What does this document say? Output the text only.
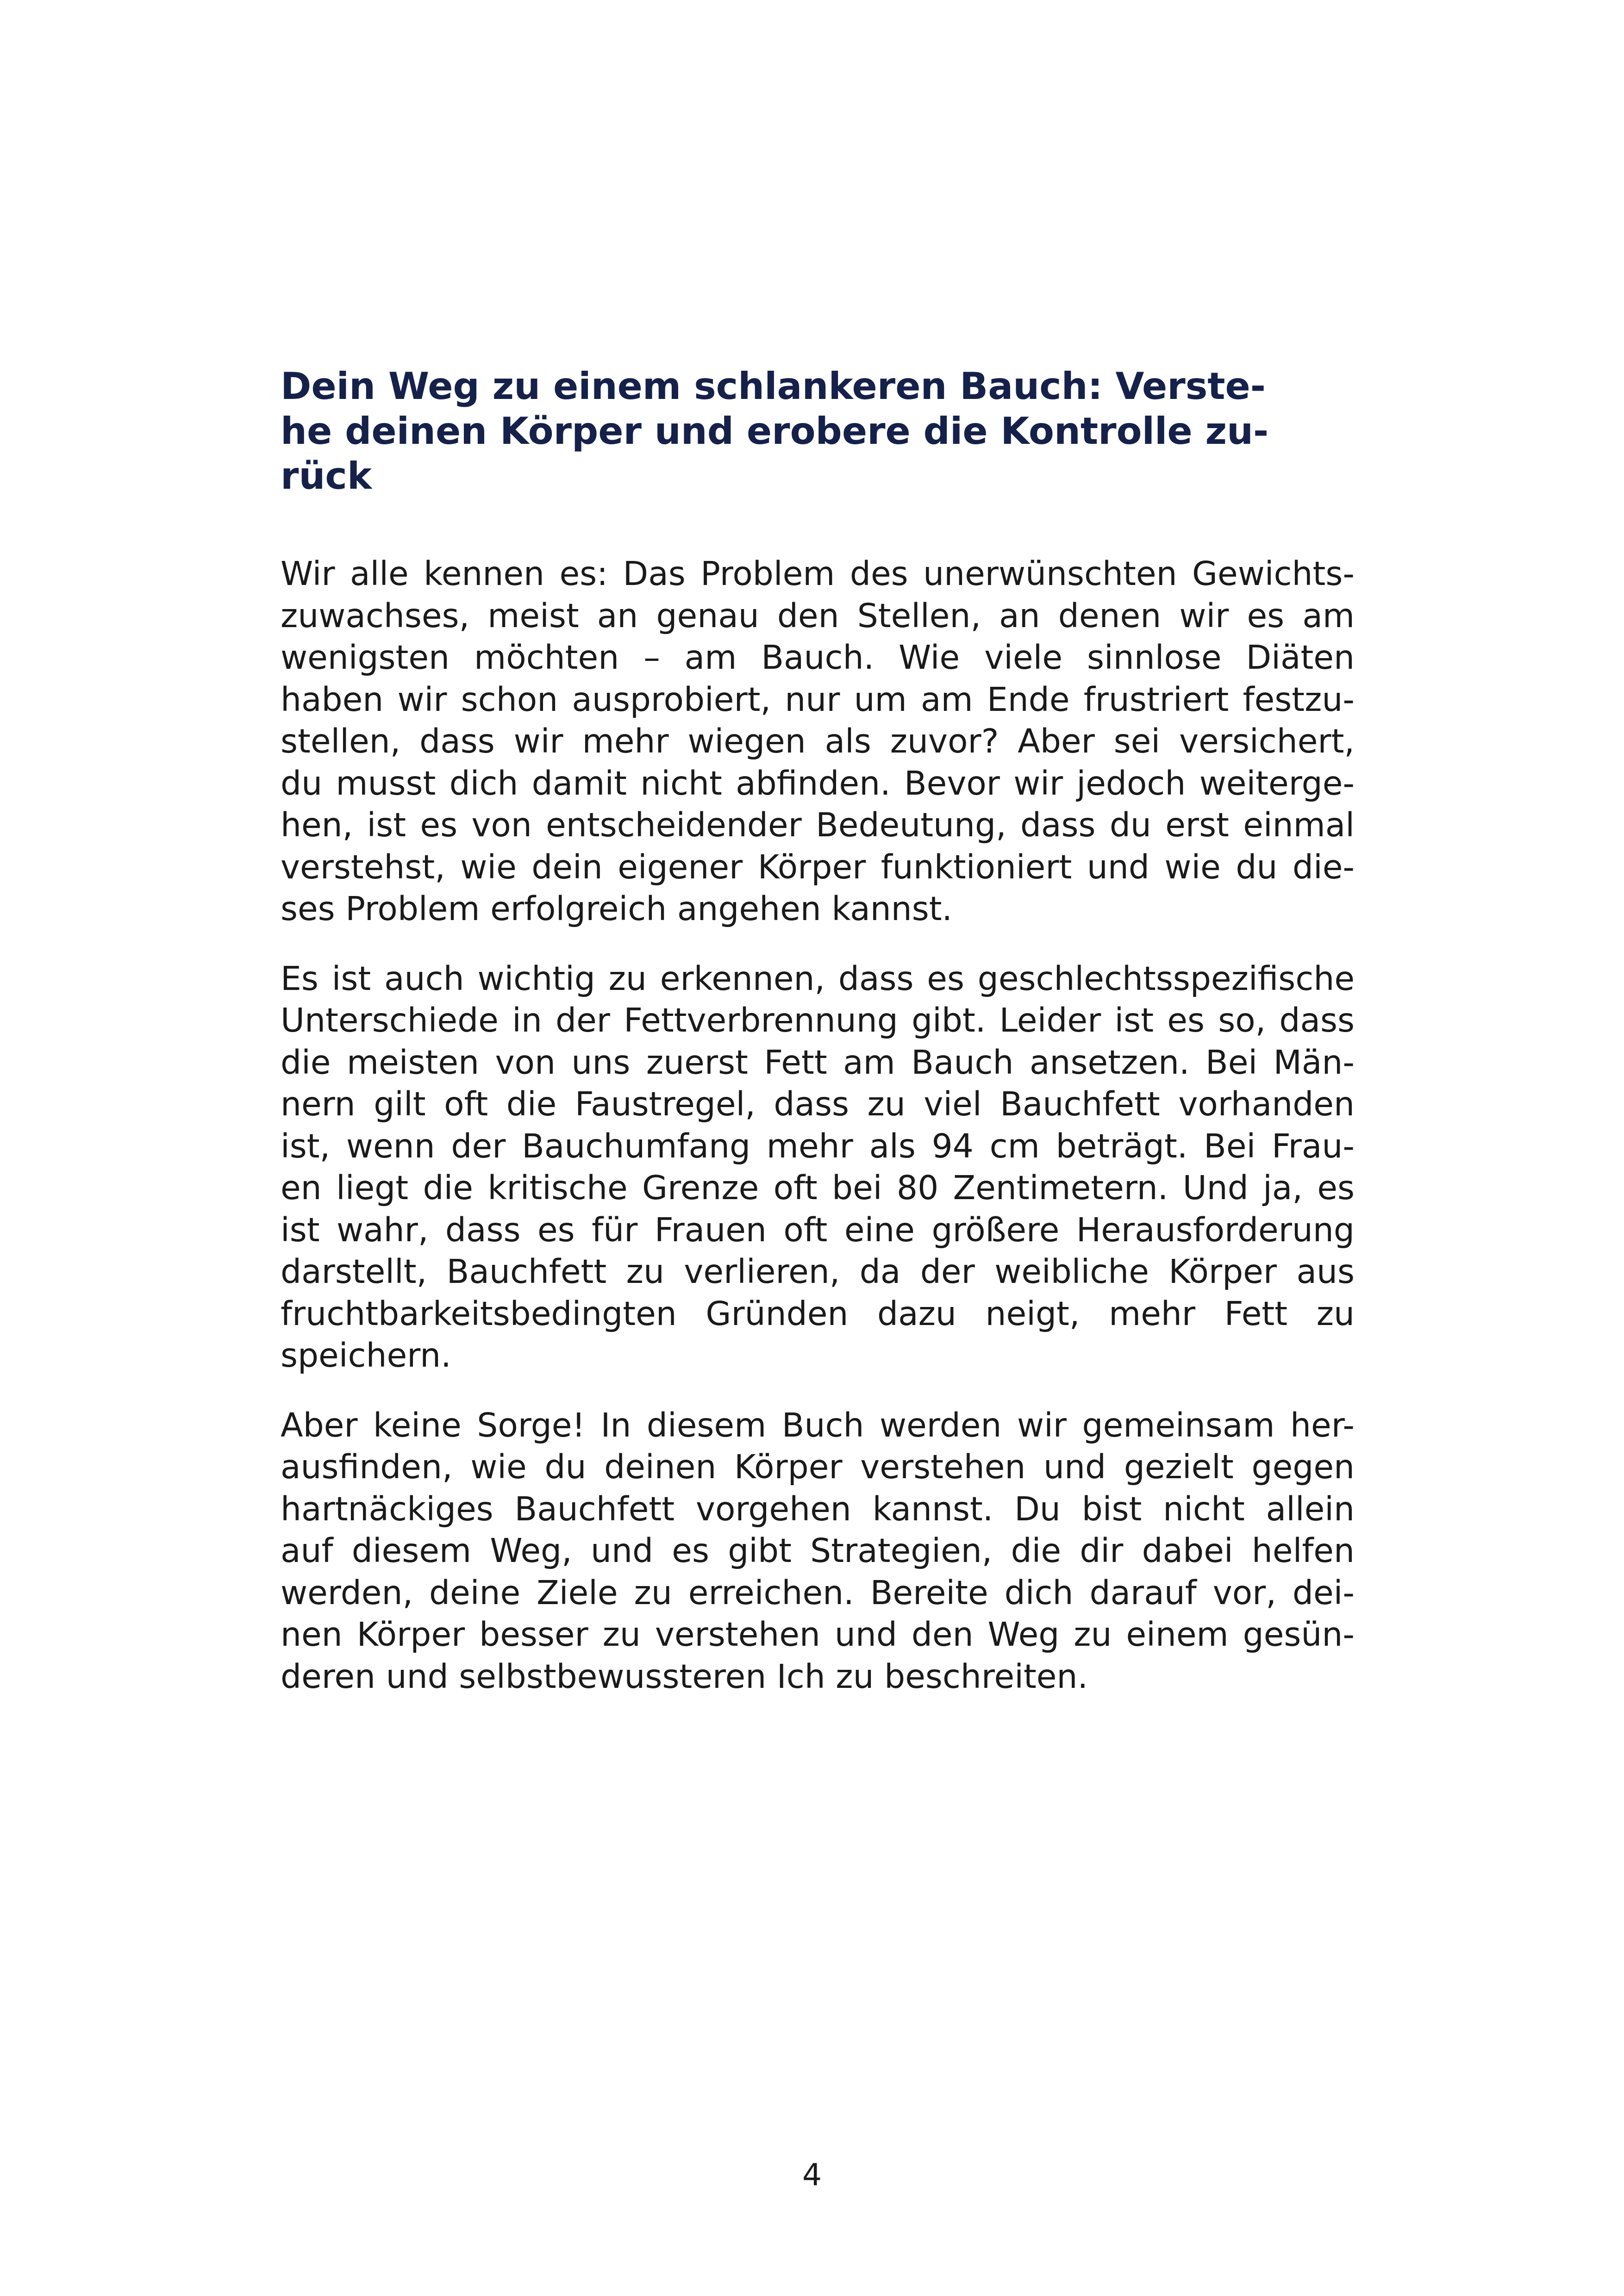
Dein Weg zu einem schlankeren Bauch: Verste-
he deinen Körper und erobere die Kontrolle zu-
rück

Wir alle kennen es: Das Problem des unerwünschten Gewichts-
zuwachses, meist an genau den Stellen, an denen wir es am
wenigsten möchten – am Bauch. Wie viele sinnlose Diäten
haben wir schon ausprobiert, nur um am Ende frustriert festzu-
stellen, dass wir mehr wiegen als zuvor? Aber sei versichert,
du musst dich damit nicht abfinden. Bevor wir jedoch weiterge-
hen, ist es von entscheidender Bedeutung, dass du erst einmal
verstehst, wie dein eigener Körper funktioniert und wie du die-
ses Problem erfolgreich angehen kannst.

Es ist auch wichtig zu erkennen, dass es geschlechtsspezifische
Unterschiede in der Fettverbrennung gibt. Leider ist es so, dass
die meisten von uns zuerst Fett am Bauch ansetzen. Bei Män-
nern gilt oft die Faustregel, dass zu viel Bauchfett vorhanden
ist, wenn der Bauchumfang mehr als 94 cm beträgt. Bei Frau-
en liegt die kritische Grenze oft bei 80 Zentimetern. Und ja, es
ist wahr, dass es für Frauen oft eine größere Herausforderung
darstellt, Bauchfett zu verlieren, da der weibliche Körper aus
fruchtbarkeitsbedingten Gründen dazu neigt, mehr Fett zu
speichern.

Aber keine Sorge! In diesem Buch werden wir gemeinsam her-
ausfinden, wie du deinen Körper verstehen und gezielt gegen
hartnäckiges Bauchfett vorgehen kannst. Du bist nicht allein
auf diesem Weg, und es gibt Strategien, die dir dabei helfen
werden, deine Ziele zu erreichen. Bereite dich darauf vor, dei-
nen Körper besser zu verstehen und den Weg zu einem gesün-
deren und selbstbewussteren Ich zu beschreiten.

4
